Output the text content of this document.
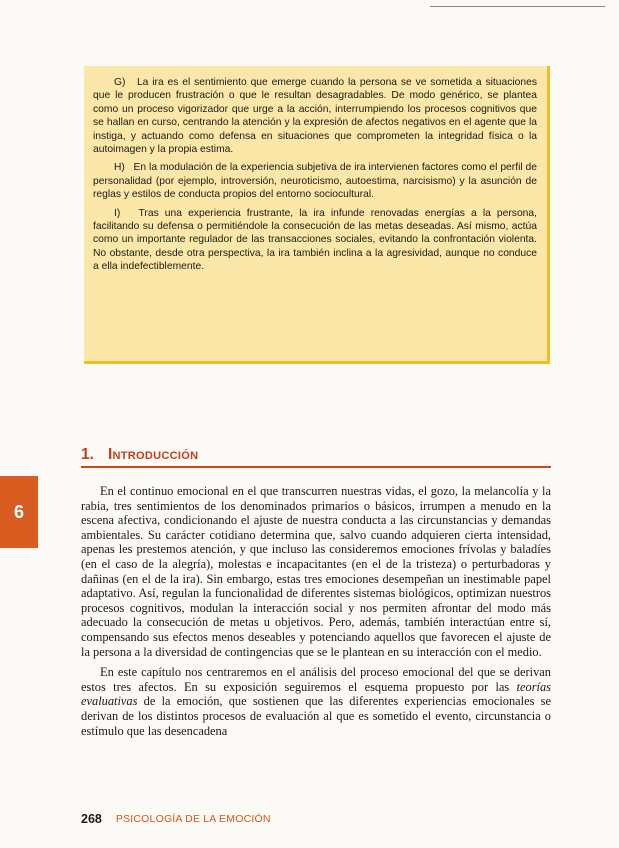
G)   La ira es el sentimiento que emerge cuando la persona se ve sometida a situaciones que le producen frustración o que le resultan desagradables. De modo genérico, se plantea como un proceso vigorizador que urge a la acción, interrumpiendo los procesos cognitivos que se hallan en curso, centrando la atención y la expresión de afectos negativos en el agente que la instiga, y actuando como defensa en situaciones que comprometen la integridad física o la autoimagen y la propia estima.

H)   En la modulación de la experiencia subjetiva de ira intervienen factores como el perfil de personalidad (por ejemplo, introversión, neuroticismo, autoestima, narcisismo) y la asunción de reglas y estilos de conducta propios del entorno sociocultural.

I)   Tras una experiencia frustrante, la ira infunde renovadas energías a la persona, facilitando su defensa o permitiéndole la consecución de las metas deseadas. Así mismo, actúa como un importante regulador de las transacciones sociales, evitando la confrontación violenta. No obstante, desde otra perspectiva, la ira también inclina a la agresividad, aunque no conduce a ella indefectiblemente.

1. Introducción
6

En el continuo emocional en el que transcurren nuestras vidas, el gozo, la melancolía y la rabia, tres sentimientos de los denominados primarios o básicos, irrumpen a menudo en la escena afectiva, condicionando el ajuste de nuestra conducta a las circunstancias y demandas ambientales. Su carácter cotidiano determina que, salvo cuando adquieren cierta intensidad, apenas les prestemos atención, y que incluso las consideremos emociones frívolas y baladíes (en el caso de la alegría), molestas e incapacitantes (en el de la tristeza) o perturbadoras y dañinas (en el de la ira). Sin embargo, estas tres emociones desempeñan un inestimable papel adaptativo. Así, regulan la funcionalidad de diferentes sistemas biológicos, optimizan nuestros procesos cognitivos, modulan la interacción social y nos permiten afrontar del modo más adecuado la consecución de metas u objetivos. Pero, además, también interactúan entre sí, compensando sus efectos menos deseables y potenciando aquellos que favorecen el ajuste de la persona a la diversidad de contingencias que se le plantean en su interacción con el medio.

En este capítulo nos centraremos en el análisis del proceso emocional del que se derivan estos tres afectos. En su exposición seguiremos el esquema propuesto por las teorías evaluativas de la emoción, que sostienen que las diferentes experiencias emocionales se derivan de los distintos procesos de evaluación al que es sometido el evento, circunstancia o estímulo que las desencadena

268 PSICOLOGÍA DE LA EMOCIÓN
